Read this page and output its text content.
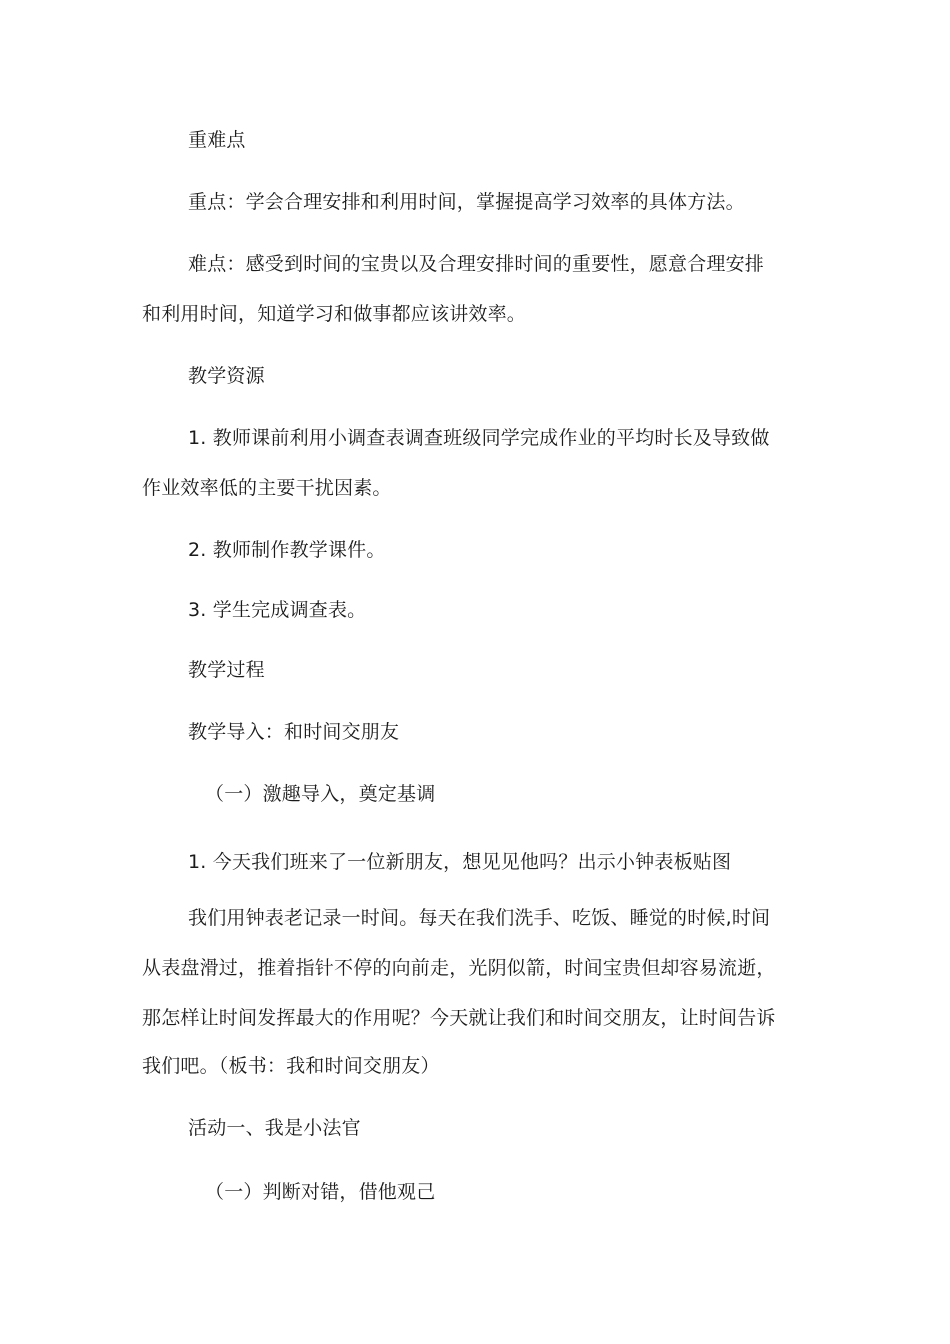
重难点
重点：学会合理安排和利用时间，掌握提高学习效率的具体方法。
难点：感受到时间的宝贵以及合理安排时间的重要性，愿意合理安排
和利用时间，知道学习和做事都应该讲效率。
教学资源
1. 教师课前利用小调查表调查班级同学完成作业的平均时长及导致做
作业效率低的主要干扰因素。
2. 教师制作教学课件。
3. 学生完成调查表。
教学过程
教学导入：和时间交朋友
（一）激趣导入，奠定基调
1. 今天我们班来了一位新朋友，想见见他吗？出示小钟表板贴图
我们用钟表老记录一时间。每天在我们洗手、吃饭、睡觉的时候,时间
从表盘滑过，推着指针不停的向前走，光阴似箭，时间宝贵但却容易流逝，
那怎样让时间发挥最大的作用呢？今天就让我们和时间交朋友，让时间告诉
我们吧。（板书：我和时间交朋友）
活动一、我是小法官
（一）判断对错，借他观己
